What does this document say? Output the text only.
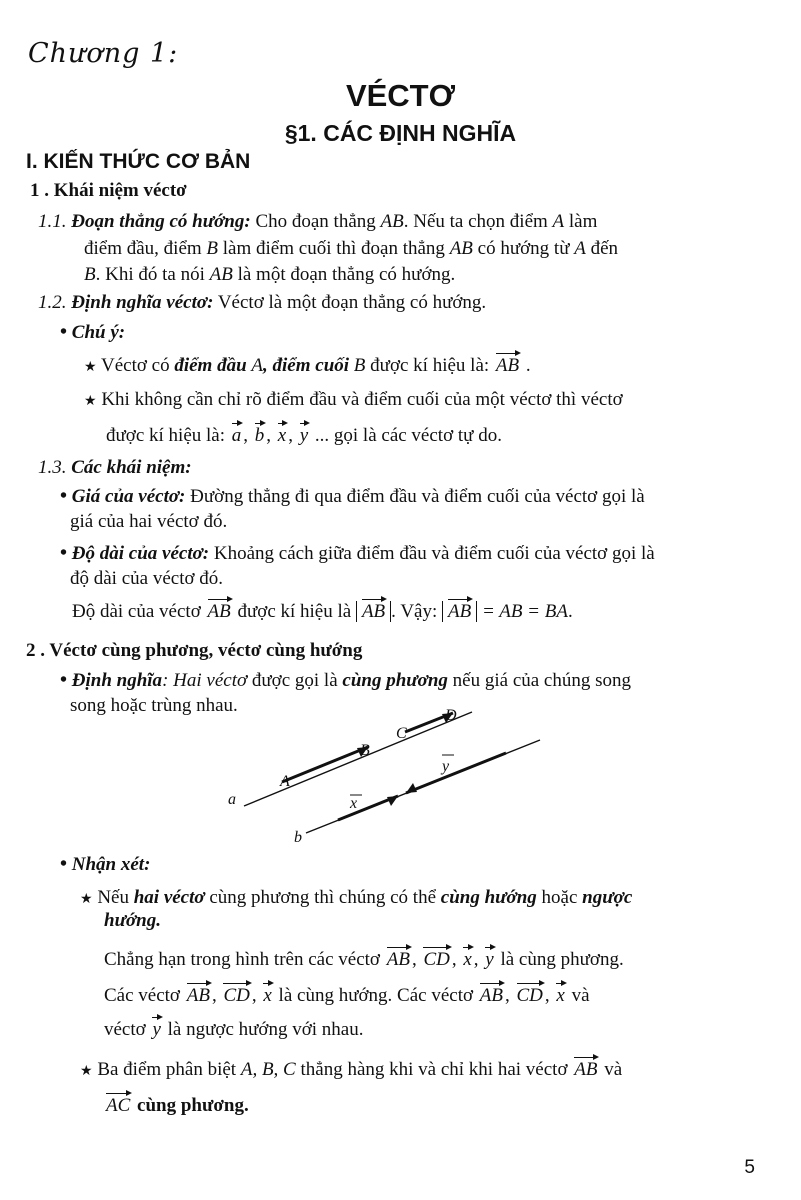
Chương 1:
VÉCTƠ
§1. CÁC ĐỊNH NGHĨA
I. KIẾN THỨC CƠ BẢN
1 . Khái niệm véctơ
1.1. Đoạn thẳng có hướng: Cho đoạn thẳng AB. Nếu ta chọn điểm A làm
điểm đầu, điểm B làm điểm cuối thì đoạn thẳng AB có hướng từ A đến
B. Khi đó ta nói AB là một đoạn thẳng có hướng.
1.2. Định nghĩa véctơ: Véctơ là một đoạn thẳng có hướng.
• Chú ý:
★ Véctơ có điểm đầu A, điểm cuối B được kí hiệu là: AB .
★ Khi không cần chỉ rõ điểm đầu và điểm cuối của một véctơ thì véctơ
được kí hiệu là: a , b , x , y ... gọi là các véctơ tự do.
1.3. Các khái niệm:
• Giá của véctơ: Đường thẳng đi qua điểm đầu và điểm cuối của véctơ gọi là
giá của hai véctơ đó.
• Độ dài của véctơ: Khoảng cách giữa điểm đầu và điểm cuối của véctơ gọi là
độ dài của véctơ đó.
Độ dài của véctơ AB được kí hiệu là AB . Vậy: AB = AB = BA.
2 . Véctơ cùng phương, véctơ cùng hướng
• Định nghĩa: Hai véctơ được gọi là cùng phương nếu giá của chúng song
song hoặc trùng nhau.
A
B
C
D
a
b
x
y
• Nhận xét:
★ Nếu hai véctơ cùng phương thì chúng có thể cùng hướng hoặc ngược
hướng.
Chẳng hạn trong hình trên các véctơ AB , CD , x , y là cùng phương.
Các véctơ AB , CD , x là cùng hướng. Các véctơ AB , CD , x và
véctơ y là ngược hướng với nhau.
★ Ba điểm phân biệt A, B, C thẳng hàng khi và chỉ khi hai véctơ AB và
AC cùng phương.
5
